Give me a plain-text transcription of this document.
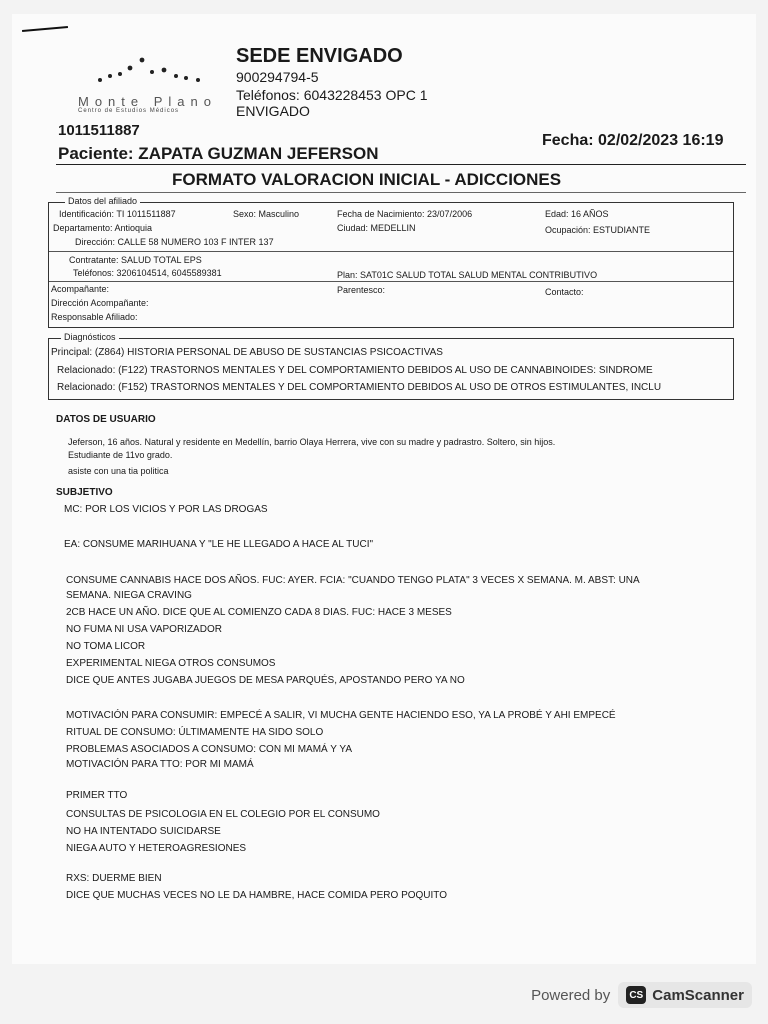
Monte Plano
Centro de Estudios Médicos
SEDE ENVIGADO
900294794-5
Teléfonos: 6043228453 OPC 1
ENVIGADO
1011511887
Paciente: ZAPATA GUZMAN JEFERSON
Fecha: 02/02/2023 16:19
FORMATO VALORACION INICIAL - ADICCIONES
Datos del afiliado
Identificación: TI 1011511887	Sexo: Masculino	Fecha de Nacimiento: 23/07/2006	Edad: 16 AÑOS
Departamento: Antioquia	Ciudad: MEDELLIN	Ocupación: ESTUDIANTE
Dirección: CALLE 58 NUMERO 103 F INTER 137
Contratante: SALUD TOTAL EPS
Teléfonos: 3206104514, 6045589381	Plan: SAT01C SALUD TOTAL SALUD MENTAL CONTRIBUTIVO
Acompañante:	Parentesco:	Contacto:
Dirección Acompañante:
Responsable Afiliado:
Diagnósticos
Principal: (Z864) HISTORIA PERSONAL DE ABUSO DE SUSTANCIAS PSICOACTIVAS
Relacionado: (F122) TRASTORNOS MENTALES Y DEL COMPORTAMIENTO DEBIDOS AL USO DE CANNABINOIDES: SINDROME
Relacionado: (F152) TRASTORNOS MENTALES Y DEL COMPORTAMIENTO DEBIDOS AL USO DE OTROS ESTIMULANTES, INCLU
DATOS DE USUARIO
Jeferson, 16 años. Natural y residente en Medellín, barrio Olaya Herrera, vive con su madre y padrastro. Soltero, sin hijos.
Estudiante de 11vo grado.
asiste con una tia politica
SUBJETIVO
MC: POR LOS VICIOS Y POR LAS DROGAS
EA: CONSUME MARIHUANA Y "LE HE LLEGADO A HACE AL TUCI"
CONSUME CANNABIS HACE DOS AÑOS. FUC: AYER. FCIA: "CUANDO TENGO PLATA" 3 VECES X SEMANA. M. ABST: UNA
SEMANA. NIEGA CRAVING
2CB HACE UN AÑO. DICE QUE AL COMIENZO CADA 8 DIAS. FUC: HACE 3 MESES
NO FUMA NI USA VAPORIZADOR
NO TOMA LICOR
EXPERIMENTAL NIEGA OTROS CONSUMOS
DICE QUE ANTES JUGABA JUEGOS DE MESA PARQUÉS, APOSTANDO PERO YA NO
MOTIVACIÓN PARA CONSUMIR: EMPECÉ A SALIR, VI MUCHA GENTE HACIENDO ESO, YA LA PROBÉ Y AHI EMPECÉ
RITUAL DE CONSUMO: ÚLTIMAMENTE HA SIDO SOLO
PROBLEMAS ASOCIADOS A CONSUMO: CON MI MAMÁ Y YA
MOTIVACIÓN PARA TTO: POR MI MAMÁ
PRIMER TTO
CONSULTAS DE PSICOLOGIA EN EL COLEGIO POR EL CONSUMO
NO HA INTENTADO SUICIDARSE
NIEGA AUTO Y HETEROAGRESIONES
RXS: DUERME BIEN
DICE QUE MUCHAS VECES NO LE DA HAMBRE, HACE COMIDA PERO POQUITO
Powered by	CS CamScanner
